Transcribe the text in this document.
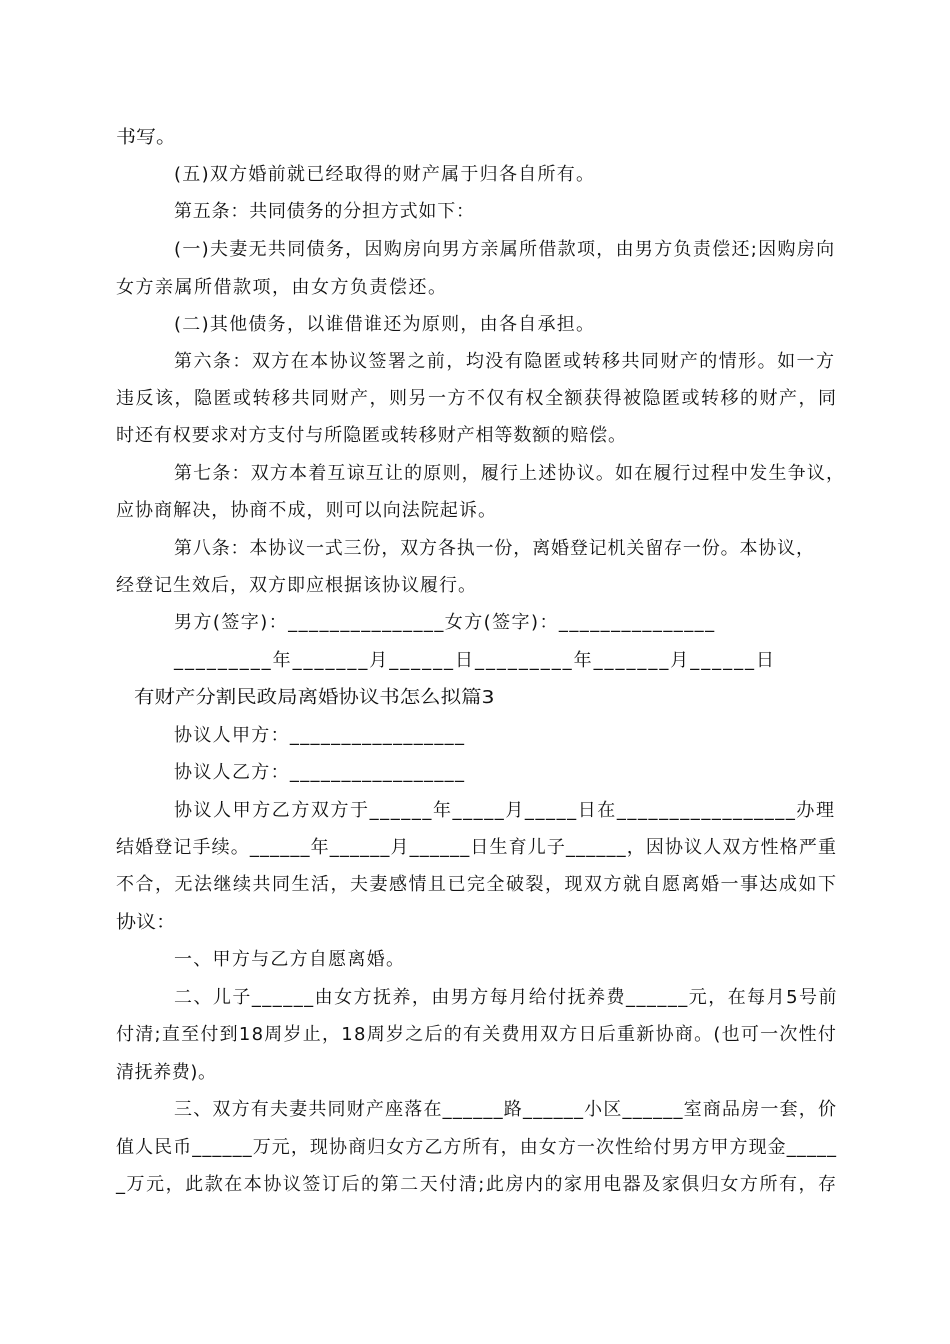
书写。
(五)双方婚前就已经取得的财产属于归各自所有。
第五条：共同债务的分担方式如下：
(一)夫妻无共同债务，因购房向男方亲属所借款项，由男方负责偿还;因购房向
女方亲属所借款项，由女方负责偿还。
(二)其他债务，以谁借谁还为原则，由各自承担。
第六条：双方在本协议签署之前，均没有隐匿或转移共同财产的情形。如一方
违反该，隐匿或转移共同财产，则另一方不仅有权全额获得被隐匿或转移的财产，同
时还有权要求对方支付与所隐匿或转移财产相等数额的赔偿。
第七条：双方本着互谅互让的原则，履行上述协议。如在履行过程中发生争议，
应协商解决，协商不成，则可以向法院起诉。
第八条：本协议一式三份，双方各执一份，离婚登记机关留存一份。本协议，
经登记生效后，双方即应根据该协议履行。
男方(签字)：_______________女方(签字)：_______________
_________年_______月______日_________年_______月______日
有财产分割民政局离婚协议书怎么拟篇3
协议人甲方：_________________
协议人乙方：_________________
协议人甲方乙方双方于______年_____月_____日在_________________办理
结婚登记手续。______年______月______日生育儿子______，因协议人双方性格严重
不合，无法继续共同生活，夫妻感情且已完全破裂，现双方就自愿离婚一事达成如下
协议：
一、甲方与乙方自愿离婚。
二、儿子______由女方抚养，由男方每月给付抚养费______元，在每月5号前
付清;直至付到18周岁止，18周岁之后的有关费用双方日后重新协商。(也可一次性付
清抚养费)。
三、双方有夫妻共同财产座落在______路______小区______室商品房一套，价
值人民币______万元，现协商归女方乙方所有，由女方一次性给付男方甲方现金_____
_万元，此款在本协议签订后的第二天付清;此房内的家用电器及家俱归女方所有，存
